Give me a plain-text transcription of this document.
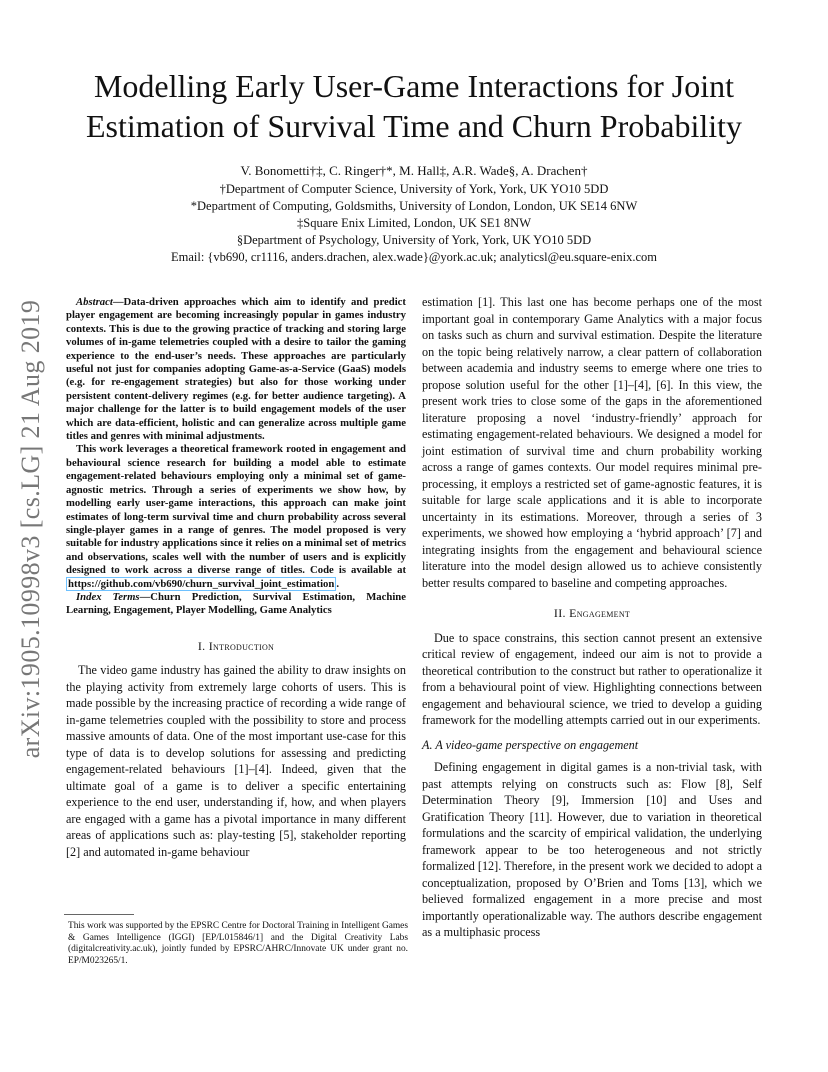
Modelling Early User-Game Interactions for Joint
Estimation of Survival Time and Churn Probability
V. Bonometti†‡, C. Ringer†*, M. Hall‡, A.R. Wade§, A. Drachen†
†Department of Computer Science, University of York, York, UK YO10 5DD
*Department of Computing, Goldsmiths, University of London, London, UK SE14 6NW
‡Square Enix Limited, London, UK SE1 8NW
§Department of Psychology, University of York, York, UK YO10 5DD
Email: {vb690, cr1116, anders.drachen, alex.wade}@york.ac.uk; analyticsl@eu.square-enix.com
arXiv:1905.10998v3 [cs.LG] 21 Aug 2019	Abstract—Data-driven approaches which aim to identify and predict player engagement are becoming increasingly popular in games industry contexts. This is due to the growing practice of tracking and storing large volumes of in-game telemetries coupled with a desire to tailor the gaming experience to the end-user’s needs. These approaches are particularly useful not just for companies adopting Game-as-a-Service (GaaS) models (e.g. for re-engagement strategies) but also for those working under persistent content-delivery regimes (e.g. for better audience targeting). A major challenge for the latter is to build engagement models of the user which are data-efficient, holistic and can generalize across multiple game titles and genres with minimal adjustments.

This work leverages a theoretical framework rooted in engagement and behavioural science research for building a model able to estimate engagement-related behaviours employing only a minimal set of game-agnostic metrics. Through a series of experiments we show how, by modelling early user-game interactions, this approach can make joint estimates of long-term survival time and churn probability across several single-player games in a range of genres. The model proposed is very suitable for industry applications since it relies on a minimal set of metrics and observations, scales well with the number of users and is explicitly designed to work across a diverse range of titles. Code is available at https://github.com/vb690/churn_survival_joint_estimation .

Index Terms—Churn Prediction, Survival Estimation, Machine Learning, Engagement, Player Modelling, Game Analytics

I. Introduction

The video game industry has gained the ability to draw insights on the playing activity from extremely large cohorts of users. This is made possible by the increasing practice of recording a wide range of in-game telemetries coupled with the possibility to store and process massive amounts of data. One of the most important use-case for this type of data is to develop solutions for assessing and predicting engagement-related behaviours [1]–[4]. Indeed, given that the ultimate goal of a game is to deliver a specific entertaining experience to the end user, understanding if, how, and when players are engaged with a game has a pivotal importance in many different areas of applications such as: play-testing [5], stakeholder reporting [2] and automated in-game behaviour

This work was supported by the EPSRC Centre for Doctoral Training in Intelligent Games & Games Intelligence (IGGI) [EP/L015846/1] and the Digital Creativity Labs (digitalcreativity.ac.uk), jointly funded by EPSRC/AHRC/Innovate UK under grant no. EP/M023265/1.

estimation [1]. This last one has become perhaps one of the most important goal in contemporary Game Analytics with a major focus on tasks such as churn and survival estimation. Despite the literature on the topic being relatively narrow, a clear pattern of collaboration between academia and industry seems to emerge where one tries to propose solution useful for the other [1]–[4], [6]. In this view, the present work tries to close some of the gaps in the aforementioned literature proposing a novel ‘industry-friendly’ approach for estimating engagement-related behaviours. We designed a model for joint estimation of survival time and churn probability working across a range of games contexts. Our model requires minimal pre-processing, it employs a restricted set of game-agnostic features, it is suitable for large scale applications and it is able to incorporate uncertainty in its estimations. Moreover, through a series of 3 experiments, we showed how employing a ‘hybrid approach’ [7] and integrating insights from the engagement and behavioural science literature into the model design allowed us to achieve consistently better results compared to baseline and competing approaches.

II. Engagement

Due to space constrains, this section cannot present an extensive critical review of engagement, indeed our aim is not to provide a theoretical contribution to the construct but rather to operationalize it from a behavioural point of view. Highlighting connections between engagement and behavioural science, we tried to develop a guiding framework for the modelling attempts carried out in our experiments.

A. A video-game perspective on engagement

Defining engagement in digital games is a non-trivial task, with past attempts relying on constructs such as: Flow [8], Self Determination Theory [9], Immersion [10] and Uses and Gratification Theory [11]. However, due to variation in theoretical formulations and the scarcity of empirical validation, the underlying framework appear to be too heterogeneous and not strictly formalized [12]. Therefore, in the present work we decided to adopt a conceptualization, proposed by O’Brien and Toms [13], which we believed formalized engagement in a more precise and most importantly operationalizable way. The authors describe engagement as a multiphasic process
